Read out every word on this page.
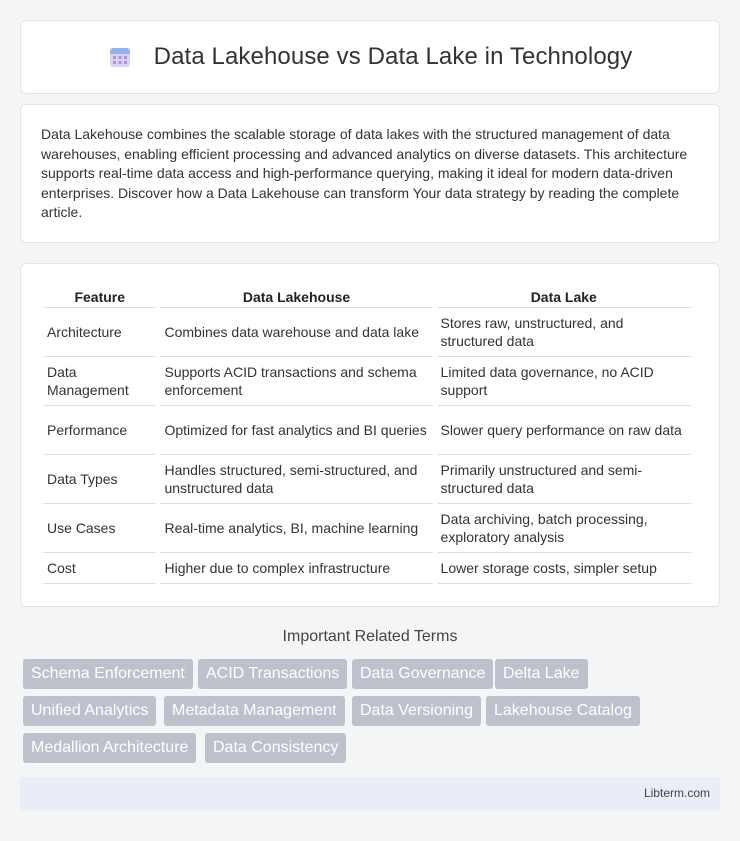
Data Lakehouse vs Data Lake in Technology

Data Lakehouse combines the scalable storage of data lakes with the structured management of data warehouses, enabling efficient processing and advanced analytics on diverse datasets. This architecture supports real-time data access and high-performance querying, making it ideal for modern data-driven enterprises. Discover how a Data Lakehouse can transform Your data strategy by reading the complete article.

Feature	Data Lakehouse	Data Lake
Architecture	Combines data warehouse and data lake	Stores raw, unstructured, and structured data
Data Management	Supports ACID transactions and schema enforcement	Limited data governance, no ACID support
Performance	Optimized for fast analytics and BI queries	Slower query performance on raw data
Data Types	Handles structured, semi-structured, and unstructured data	Primarily unstructured and semi-structured data
Use Cases	Real-time analytics, BI, machine learning	Data archiving, batch processing, exploratory analysis
Cost	Higher due to complex infrastructure	Lower storage costs, simpler setup
Important Related Terms
Schema Enforcement	ACID Transactions	Data Governance	Delta Lake
Unified Analytics	Metadata Management	Data Versioning	Lakehouse Catalog
Medallion Architecture	Data Consistency
Libterm.com
